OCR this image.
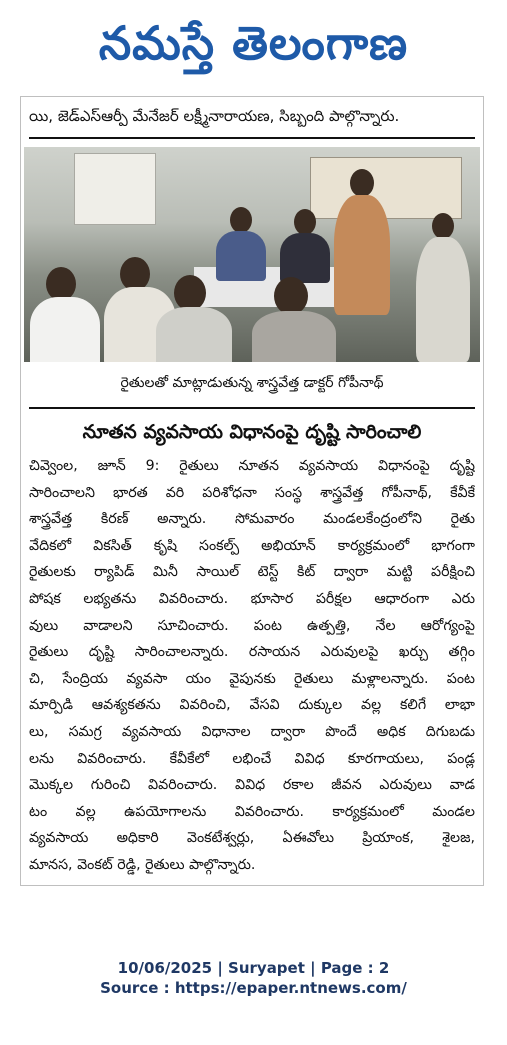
నమస్తే తెలంగాణ
యి, జెడ్ఎస్ఆర్పీ మేనేజర్ లక్ష్మీనారాయణ, సిబ్బంది పాల్గొన్నారు.
రైతులతో మాట్లాడుతున్న శాస్త్రవేత్త డాక్టర్ గోపీనాథ్
నూతన వ్యవసాయ విధానంపై దృష్టి సారించాలి
చివ్వెంల, జూన్ 9: రైతులు నూతన వ్యవసాయ విధానంపై దృష్టి
సారించాలని భారత వరి పరిశోధనా సంస్థ శాస్త్రవేత్త గోపీనాథ్, కేవీకే
శాస్త్రవేత్త కిరణ్ అన్నారు. సోమవారం మండలకేంద్రంలోని రైతు
వేదికలో వికసిత్ కృషి సంకల్ప్ అభియాన్ కార్యక్రమంలో భాగంగా
రైతులకు ర్యాపిడ్ మినీ సాయిల్ టెస్ట్ కిట్ ద్వారా మట్టి పరీక్షించి
పోషక లభ్యతను వివరించారు. భూసార పరీక్షల ఆధారంగా ఎరు
వులు వాడాలని సూచించారు. పంట ఉత్పత్తి, నేల ఆరోగ్యంపై
రైతులు దృష్టి సారించాలన్నారు. రసాయన ఎరువులపై ఖర్చు తగ్గిం
చి, సేంద్రియ వ్యవసా యం వైపునకు రైతులు మళ్లాలన్నారు. పంట
మార్పిడి ఆవశ్యకతను వివరించి, వేసవి దుక్కుల వల్ల కలిగే లాభా
లు, సమగ్ర వ్యవసాయ విధానాల ద్వారా పొందే అధిక దిగుబడు
లను వివరించారు. కేవీకేలో లభించే వివిధ కూరగాయలు, పండ్ల
మొక్కల గురించి వివరించారు. వివిధ రకాల జీవన ఎరువులు వాడ
టం వల్ల ఉపయోగాలను వివరించారు. కార్యక్రమంలో మండల
వ్యవసాయ అధికారి వెంకటేశ్వర్లు, ఏఈవోలు ప్రియాంక, శైలజ,
మానస, వెంకట్ రెడ్డి, రైతులు పాల్గొన్నారు.
10/06/2025 | Suryapet | Page : 2
Source : https://epaper.ntnews.com/
